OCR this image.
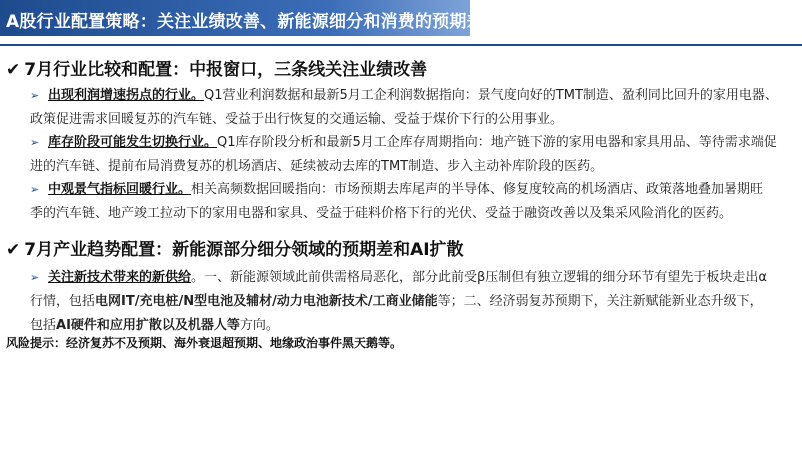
A股行业配置策略：关注业绩改善、新能源细分和消费的预期差
✔ 7月行业比较和配置：中报窗口，三条线关注业绩改善
➢ 出现利润增速拐点的行业。Q1营业利润数据和最新5月工企利润数据指向：景气度向好的TMT制造、盈利同比回升的家用电器、
政策促进需求回暖复苏的汽车链、受益于出行恢复的交通运输、受益于煤价下行的公用事业。
➢ 库存阶段可能发生切换行业。Q1库存阶段分析和最新5月工企库存周期指向：地产链下游的家用电器和家具用品、等待需求端促
进的汽车链、提前布局消费复苏的机场酒店、延续被动去库的TMT制造、步入主动补库阶段的医药。
➢ 中观景气指标回暖行业。相关高频数据回暖指向：市场预期去库尾声的半导体、修复度较高的机场酒店、政策落地叠加暑期旺
季的汽车链、地产竣工拉动下的家用电器和家具、受益于硅料价格下行的光伏、受益于融资改善以及集采风险消化的医药。
✔ 7月产业趋势配置：新能源部分细分领域的预期差和AI扩散
➢ 关注新技术带来的新供给。一、新能源领域此前供需格局恶化，部分此前受β压制但有独立逻辑的细分环节有望先于板块走出α
行情，包括电网IT/充电桩/N型电池及辅材/动力电池新技术/工商业储能等；二、经济弱复苏预期下，关注新赋能新业态升级下，
包括AI硬件和应用扩散以及机器人等方向。
风险提示：经济复苏不及预期、海外衰退超预期、地缘政治事件黑天鹅等。
